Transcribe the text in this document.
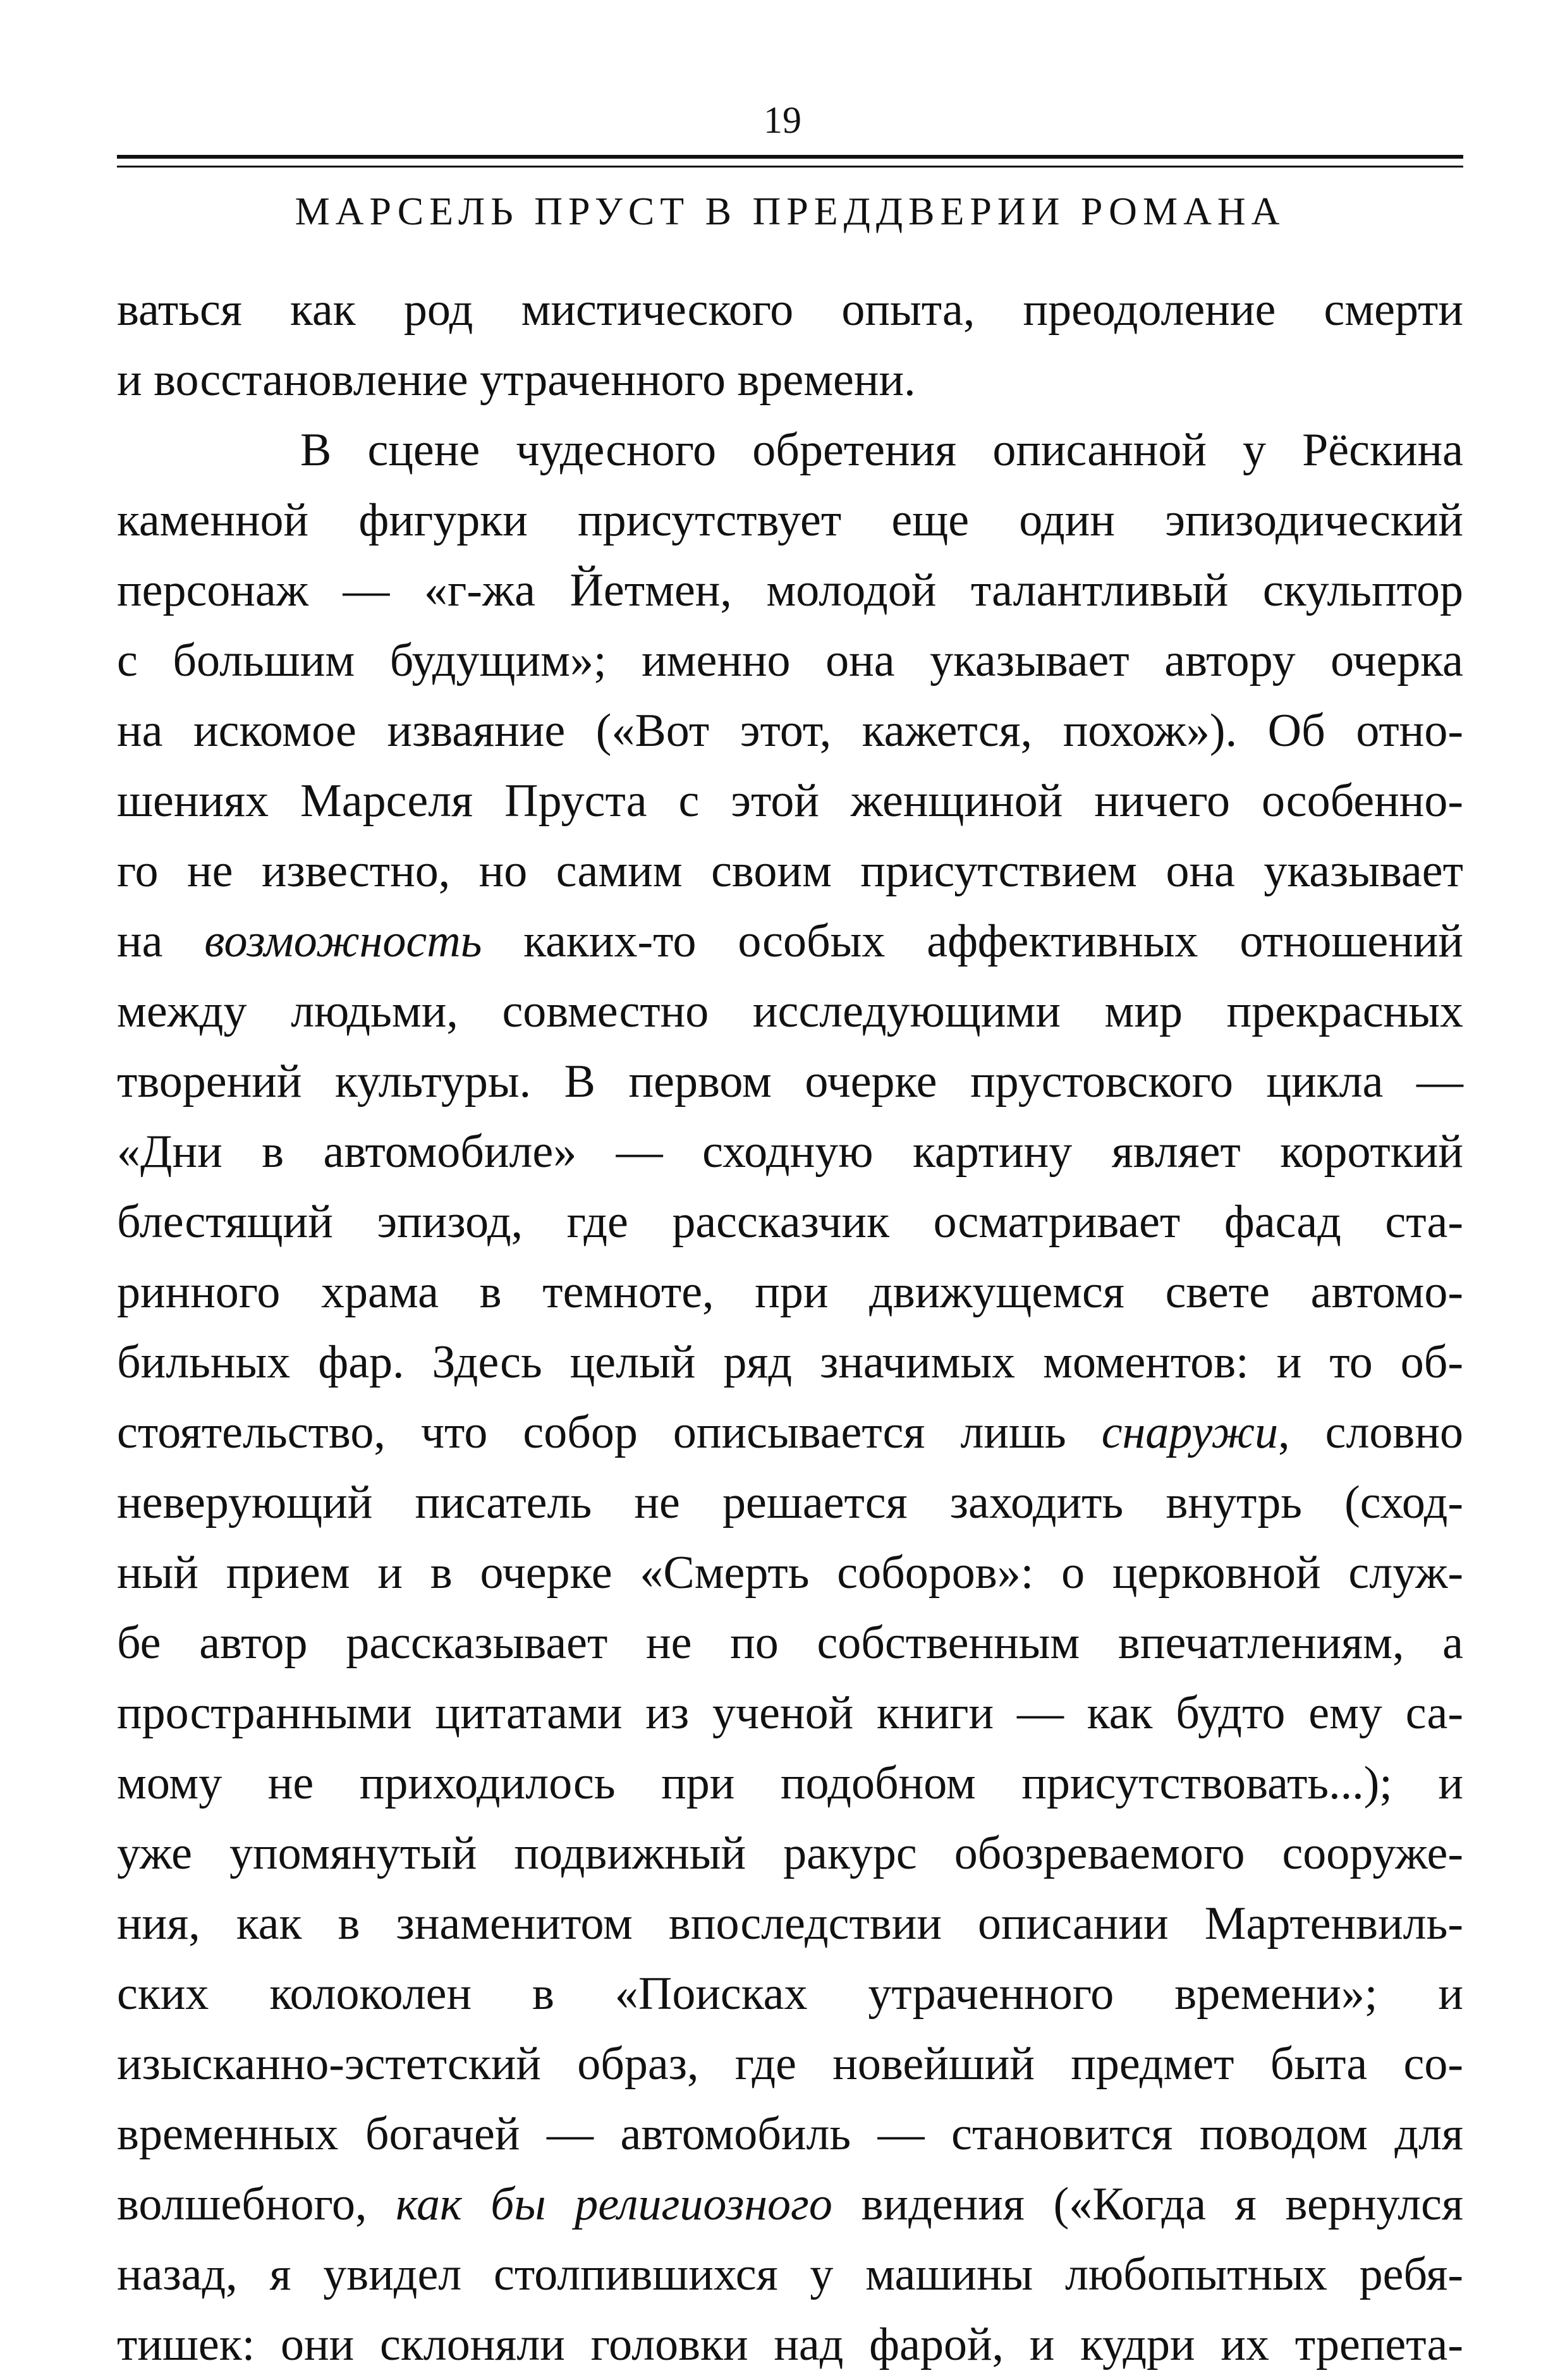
19
МАРСЕЛЬ ПРУСТ В ПРЕДДВЕРИИ РОМАНА
ваться как род мистического опыта, преодоление смерти
и восстановление утраченного времени.
В сцене чудесного обретения описанной у Рёскина
каменной фигурки присутствует еще один эпизодический
персонаж — «г-жа Йетмен, молодой талантливый скульптор
с большим будущим»; именно она указывает автору очерка
на искомое изваяние («Вот этот, кажется, похож»). Об отно-
шениях Марселя Пруста с этой женщиной ничего особенно-
го не известно, но самим своим присутствием она указывает
на возможность каких-то особых аффективных отношений
между людьми, совместно исследующими мир прекрасных
творений культуры. В первом очерке прустовского цикла —
«Дни в автомобиле» — сходную картину являет короткий
блестящий эпизод, где рассказчик осматривает фасад ста-
ринного храма в темноте, при движущемся свете автомо-
бильных фар. Здесь целый ряд значимых моментов: и то об-
стоятельство, что собор описывается лишь снаружи, словно
неверующий писатель не решается заходить внутрь (сход-
ный прием и в очерке «Смерть соборов»: о церковной служ-
бе автор рассказывает не по собственным впечатлениям, а
пространными цитатами из ученой книги — как будто ему са-
мому не приходилось при подобном присутствовать...); и
уже упомянутый подвижный ракурс обозреваемого сооруже-
ния, как в знаменитом впоследствии описании Мартенвиль-
ских колоколен в «Поисках утраченного времени»; и
изысканно-эстетский образ, где новейший предмет быта со-
временных богачей — автомобиль — становится поводом для
волшебного, как бы религиозного видения («Когда я вернулся
назад, я увидел столпившихся у машины любопытных ребя-
тишек: они склоняли головки над фарой, и кудри их трепета-
